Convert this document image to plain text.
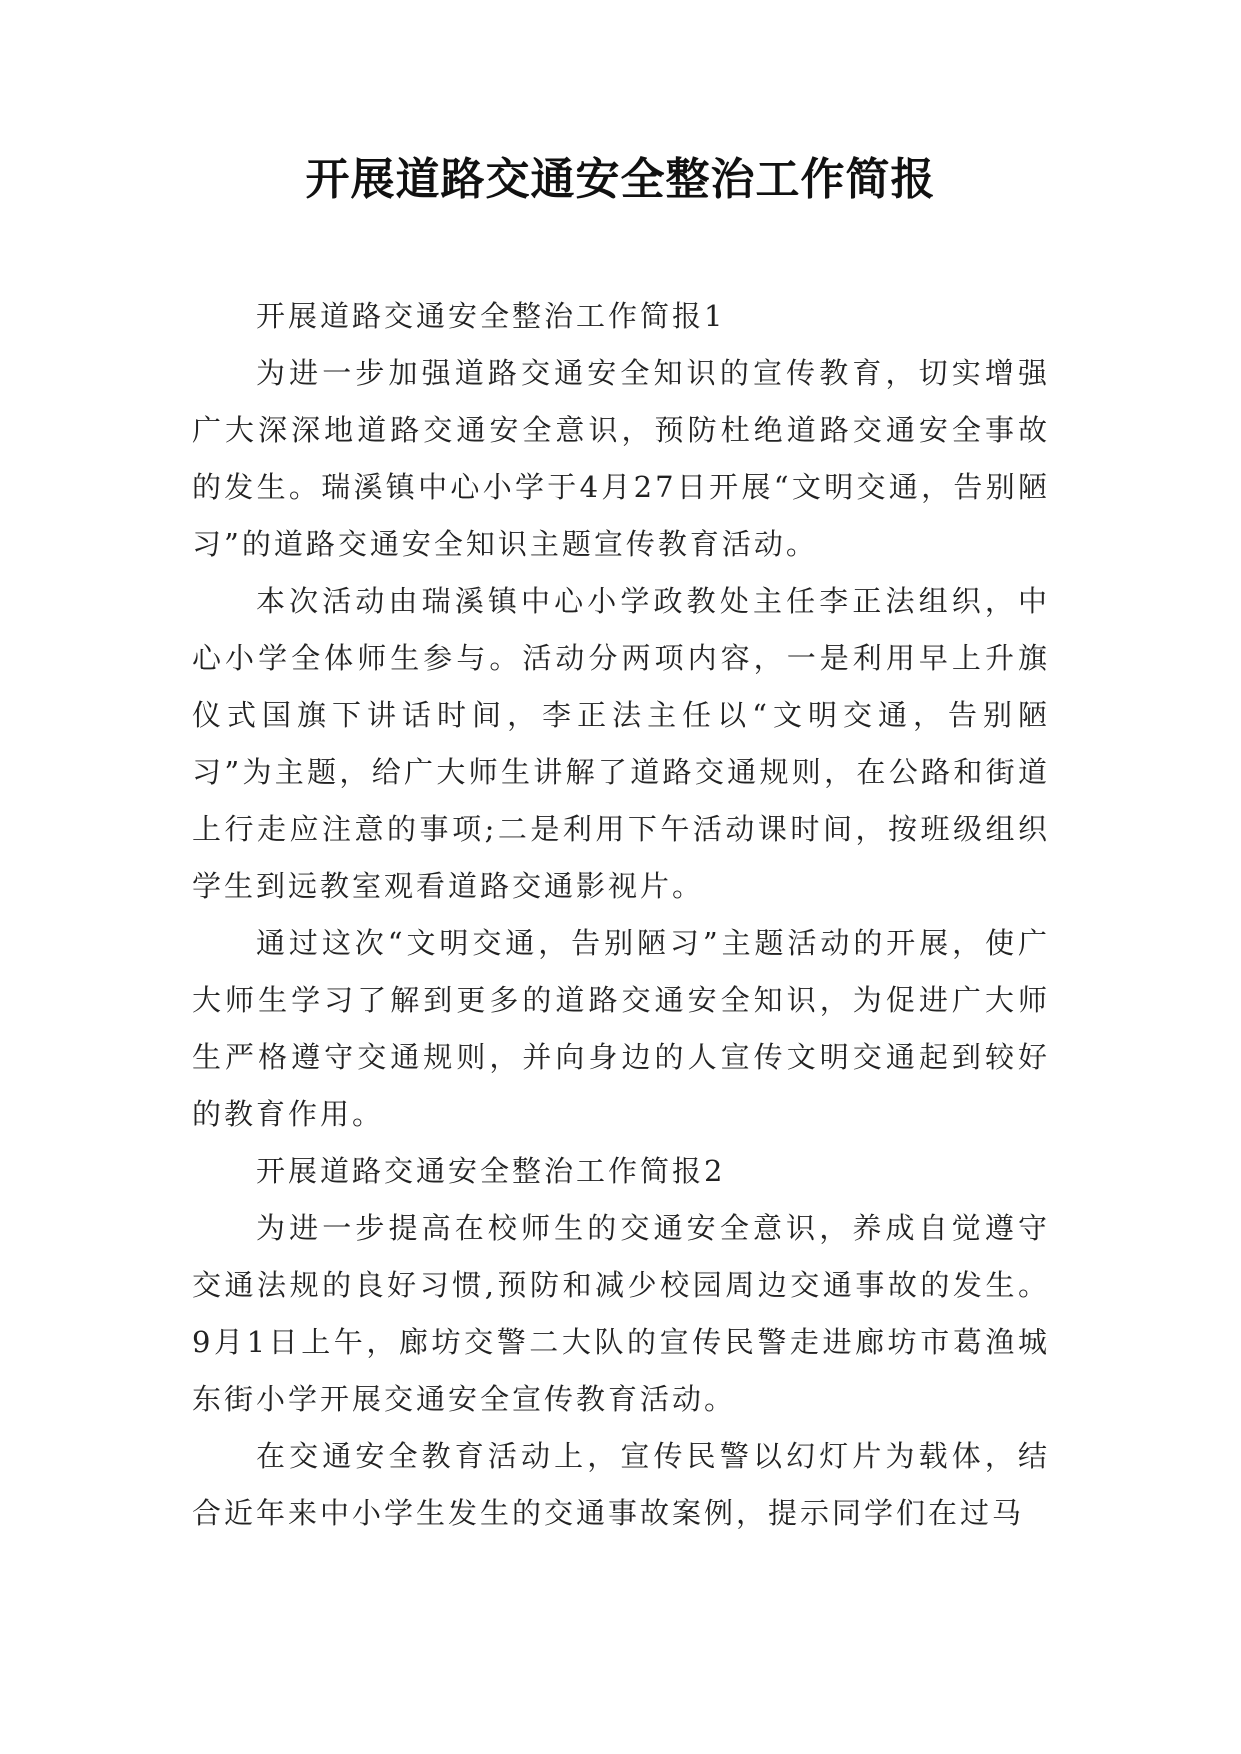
开展道路交通安全整治工作简报

开展道路交通安全整治工作简报1

为进一步加强道路交通安全知识的宣传教育，切实增强广大深深地道路交通安全意识，预防杜绝道路交通安全事故的发生。瑞溪镇中心小学于4月27日开展“文明交通，告别陋习”的道路交通安全知识主题宣传教育活动。

本次活动由瑞溪镇中心小学政教处主任李正法组织，中心小学全体师生参与。活动分两项内容，一是利用早上升旗仪式国旗下讲话时间，李正法主任以“文明交通，告别陋习”为主题，给广大师生讲解了道路交通规则，在公路和街道上行走应注意的事项;二是利用下午活动课时间，按班级组织学生到远教室观看道路交通影视片。

通过这次“文明交通，告别陋习”主题活动的开展，使广大师生学习了解到更多的道路交通安全知识，为促进广大师生严格遵守交通规则，并向身边的人宣传文明交通起到较好的教育作用。

开展道路交通安全整治工作简报2

为进一步提高在校师生的交通安全意识，养成自觉遵守交通法规的良好习惯,预防和减少校园周边交通事故的发生。9月1日上午，廊坊交警二大队的宣传民警走进廊坊市葛渔城东街小学开展交通安全宣传教育活动。

在交通安全教育活动上，宣传民警以幻灯片为载体，结合近年来中小学生发生的交通事故案例，提示同学们在过马
